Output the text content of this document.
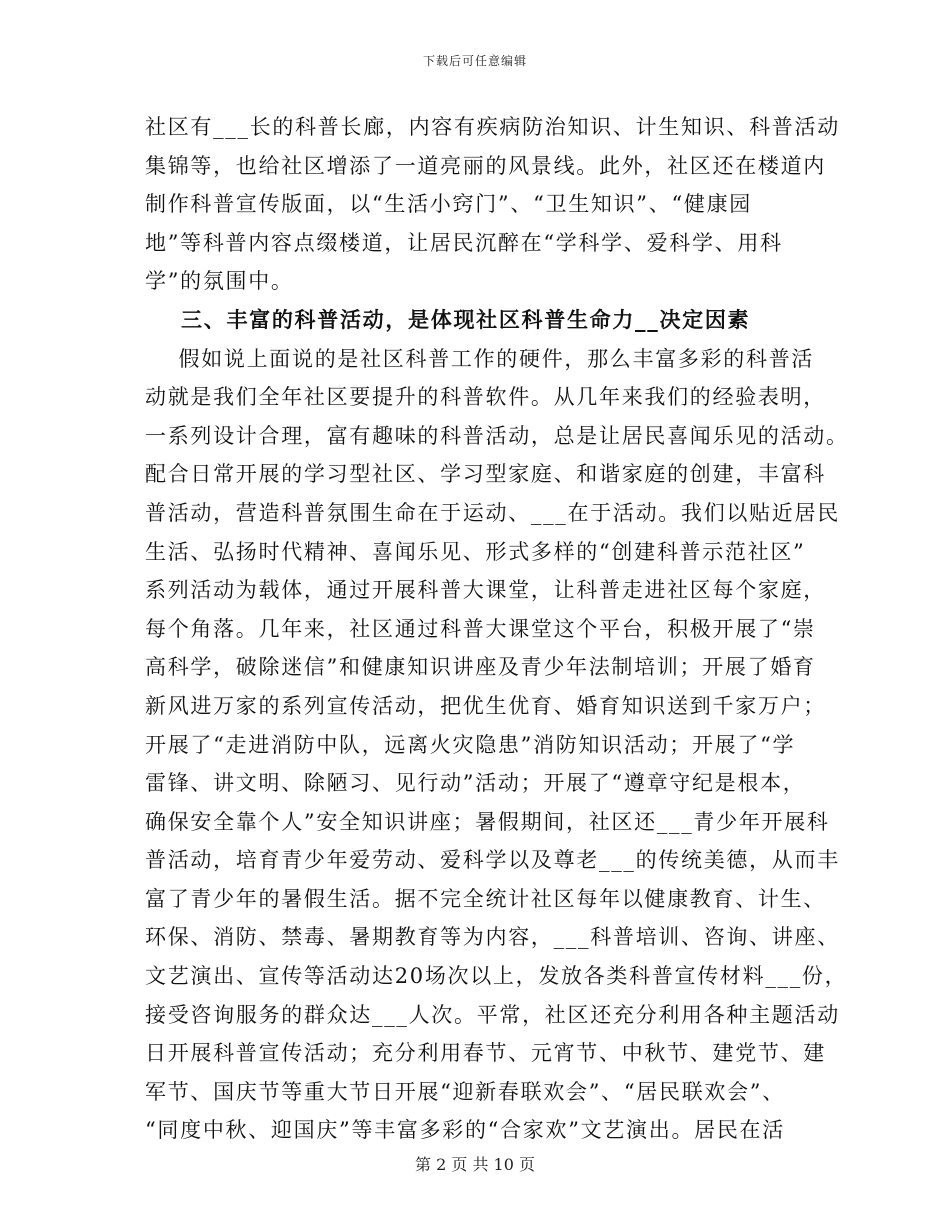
下载后可任意编辑
社区有___长的科普长廊，内容有疾病防治知识、计生知识、科普活动
集锦等，也给社区增添了一道亮丽的风景线。此外，社区还在楼道内
制作科普宣传版面，以“生活小窍门”、“卫生知识”、“健康园
地”等科普内容点缀楼道，让居民沉醉在“学科学、爱科学、用科
学”的氛围中。
三、丰富的科普活动，是体现社区科普生命力__决定因素
假如说上面说的是社区科普工作的硬件，那么丰富多彩的科普活
动就是我们全年社区要提升的科普软件。从几年来我们的经验表明，
一系列设计合理，富有趣味的科普活动，总是让居民喜闻乐见的活动。
配合日常开展的学习型社区、学习型家庭、和谐家庭的创建，丰富科
普活动，营造科普氛围生命在于运动、___在于活动。我们以贴近居民
生活、弘扬时代精神、喜闻乐见、形式多样的“创建科普示范社区”
系列活动为载体，通过开展科普大课堂，让科普走进社区每个家庭，
每个角落。几年来，社区通过科普大课堂这个平台，积极开展了“崇
高科学，破除迷信”和健康知识讲座及青少年法制培训；开展了婚育
新风进万家的系列宣传活动，把优生优育、婚育知识送到千家万户；
开展了“走进消防中队，远离火灾隐患”消防知识活动；开展了“学
雷锋、讲文明、除陋习、见行动”活动；开展了“遵章守纪是根本，
确保安全靠个人”安全知识讲座；暑假期间，社区还___青少年开展科
普活动，培育青少年爱劳动、爱科学以及尊老___的传统美德，从而丰
富了青少年的暑假生活。据不完全统计社区每年以健康教育、计生、
环保、消防、禁毒、暑期教育等为内容，___科普培训、咨询、讲座、
文艺演出、宣传等活动达20场次以上，发放各类科普宣传材料___份，
接受咨询服务的群众达___人次。平常，社区还充分利用各种主题活动
日开展科普宣传活动；充分利用春节、元宵节、中秋节、建党节、建
军节、国庆节等重大节日开展“迎新春联欢会”、“居民联欢会”、
“同度中秋、迎国庆”等丰富多彩的“合家欢”文艺演出。居民在活
第 2 页 共 10 页
